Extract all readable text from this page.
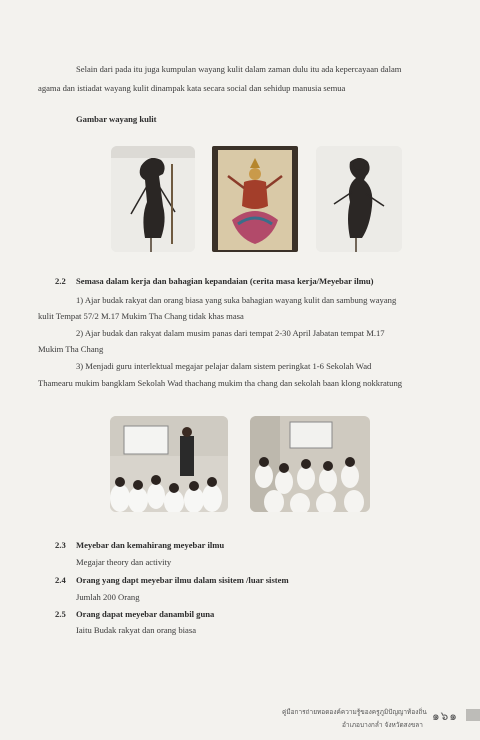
Selain dari pada itu juga kumpulan wayang kulit dalam zaman dulu itu ada kepercayaan dalam
agama dan istiadat wayang kulit dinampak kata secara social dan sehidup manusia semua
Gambar wayang kulit
2.2 Semasa dalam kerja dan bahagian kepandaian (cerita masa kerja/Meyebar ilmu)
1) Ajar budak rakyat dan orang biasa yang suka bahagian wayang kulit dan sambung wayang
kulit Tempat 57/2 M.17 Mukim Tha Chang tidak khas masa
2) Ajar budak dan rakyat dalam musim panas dari tempat 2-30 April Jabatan tempat M.17
Mukim Tha Chang
3) Menjadi guru interlektual megajar pelajar dalam sistem peringkat 1-6 Sekolah Wad
Thamearu mukim bangklam Sekolah Wad thachang mukim tha chang dan sekolah baan klong nokkratung
2.3 Meyebar dan kemahirang meyebar ilmu
Megajar theory dan activity
2.4 Orang yang dapt meyebar ilmu dalam sisitem /luar sistem
Jumlah 200 Orang
2.5 Orang dapat meyebar danambil guna
Iaitu Budak rakyat dan orang biasa
คู่มือการถ่ายทอดองค์ความรู้ของครูภูมิปัญญาท้องถิ่น
อำเภอบางกล่ำ จังหวัดสงขลา
๑๖๑
